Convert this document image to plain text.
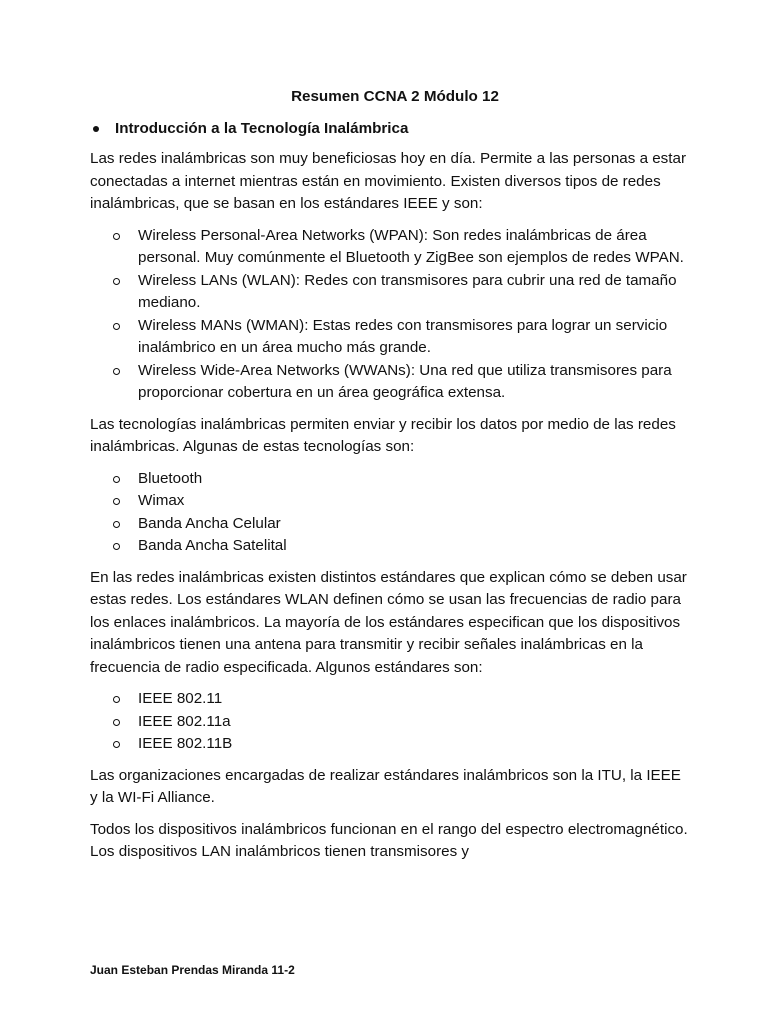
Resumen CCNA 2 Módulo 12
Introducción a la Tecnología Inalámbrica

Las redes inalámbricas son muy beneficiosas hoy en día. Permite a las personas a estar conectadas a internet mientras están en movimiento. Existen diversos tipos de redes inalámbricas, que se basan en los estándares IEEE y son:

Wireless Personal-Area Networks (WPAN): Son redes inalámbricas de área personal. Muy comúnmente el Bluetooth y ZigBee son ejemplos de redes WPAN.
Wireless LANs (WLAN): Redes con transmisores para cubrir una red de tamaño mediano.
Wireless MANs (WMAN): Estas redes con transmisores para lograr un servicio inalámbrico en un área mucho más grande.
Wireless Wide-Area Networks (WWANs): Una red que utiliza transmisores para proporcionar cobertura en un área geográfica extensa.

Las tecnologías inalámbricas permiten enviar y recibir los datos por medio de las redes inalámbricas. Algunas de estas tecnologías son:

Bluetooth
Wimax
Banda Ancha Celular
Banda Ancha Satelital

En las redes inalámbricas existen distintos estándares que explican cómo se deben usar estas redes. Los estándares WLAN definen cómo se usan las frecuencias de radio para los enlaces inalámbricos. La mayoría de los estándares especifican que los dispositivos inalámbricos tienen una antena para transmitir y recibir señales inalámbricas en la frecuencia de radio especificada. Algunos estándares son:

IEEE 802.11
IEEE 802.11a
IEEE 802.11B

Las organizaciones encargadas de realizar estándares inalámbricos son la ITU, la IEEE y la WI-Fi Alliance.

Todos los dispositivos inalámbricos funcionan en el rango del espectro electromagnético. Los dispositivos LAN inalámbricos tienen transmisores y

Juan Esteban Prendas Miranda 11-2
